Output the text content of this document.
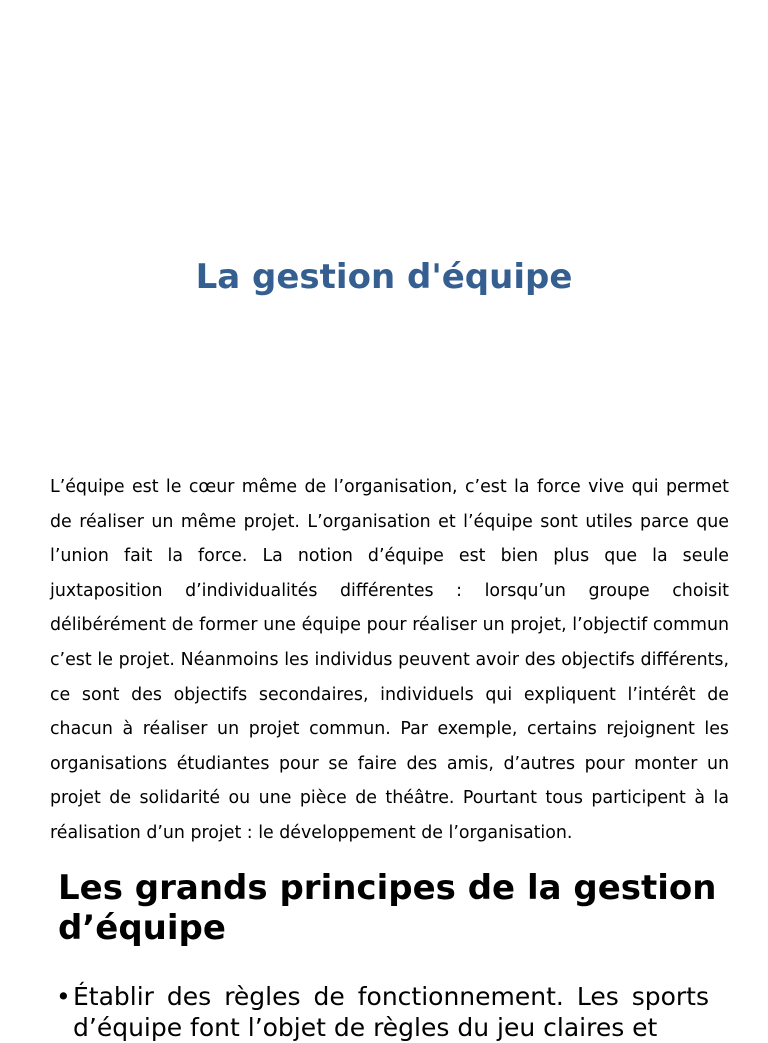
La gestion d'équipe

L’équipe est le cœur même de l’organisation, c’est la force vive qui permet de réaliser un même projet. L’organisation et l’équipe sont utiles parce que l’union fait la force. La notion d’équipe est bien plus que la seule juxtaposition d’individualités différentes : lorsqu’un groupe choisit délibérément de former une équipe pour réaliser un projet, l’objectif commun c’est le projet. Néanmoins les individus peuvent avoir des objectifs différents, ce sont des objectifs secondaires, individuels qui expliquent l’intérêt de chacun à réaliser un projet commun. Par exemple, certains rejoignent les organisations étudiantes pour se faire des amis, d’autres pour monter un projet de solidarité ou une pièce de théâtre. Pourtant tous participent à la réalisation d’un projet : le développement de l’organisation.

Les grands principes de la gestion d’équipe
• Établir des règles de fonctionnement. Les sports d’équipe font l’objet de règles du jeu claires et
